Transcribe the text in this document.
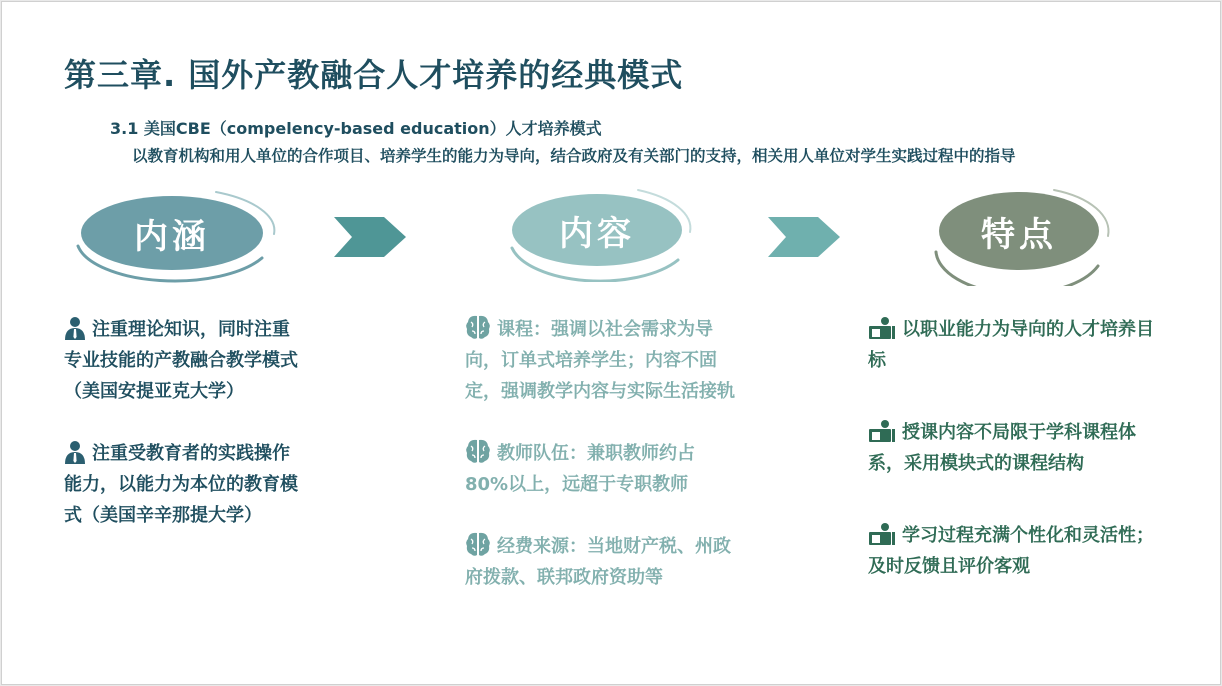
第三章. 国外产教融合人才培养的经典模式
3.1 美国CBE（compelency-based education）人才培养模式
以教育机构和用人单位的合作项目、培养学生的能力为导向，结合政府及有关部门的支持，相关用人单位对学生实践过程中的指导
内涵	内容	特点

注重理论知识，同时注重专业技能的产教融合教学模式（美国安提亚克大学）

注重受教育者的实践操作能力，以能力为本位的教育模式（美国辛辛那提大学）

课程：强调以社会需求为导向，订单式培养学生；内容不固定，强调教学内容与实际生活接轨

教师队伍：兼职教师约占80%以上，远超于专职教师

经费来源：当地财产税、州政府拨款、联邦政府资助等

以职业能力为导向的人才培养目标

授课内容不局限于学科课程体系，采用模块式的课程结构

学习过程充满个性化和灵活性；及时反馈且评价客观
